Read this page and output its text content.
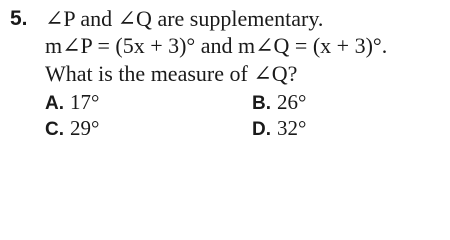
5. ∠P and ∠Q are supplementary.
m∠P = (5x + 3)° and m∠Q = (x + 3)°.
What is the measure of ∠Q?
A. 17°	B. 26°
C. 29°	D. 32°
